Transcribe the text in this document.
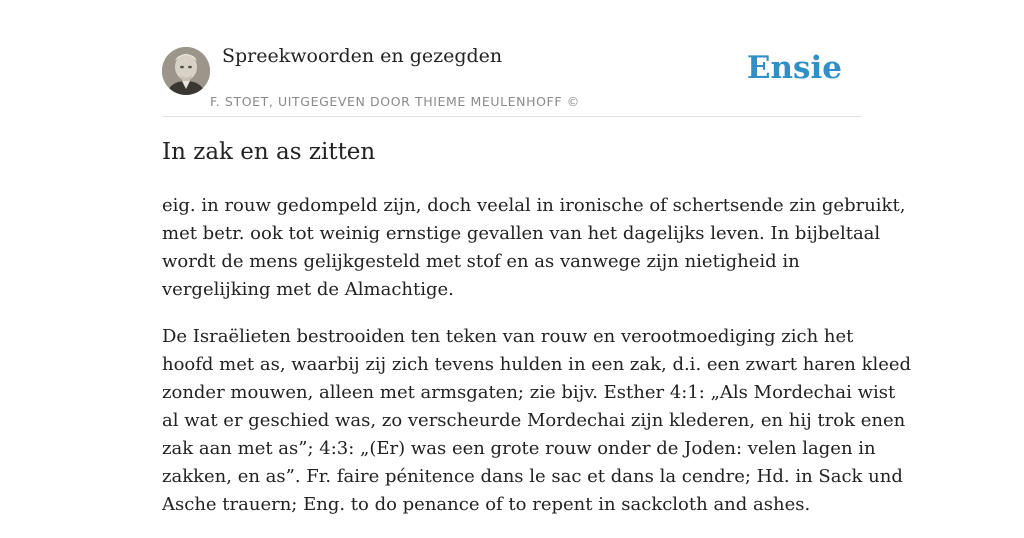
Spreekwoorden en gezegden
F. STOET, UITGEGEVEN DOOR THIEME MEULENHOFF ©
Ensie
In zak en as zitten

eig. in rouw gedompeld zijn, doch veelal in ironische of schertsende zin gebruikt,
met betr. ook tot weinig ernstige gevallen van het dagelijks leven. In bijbeltaal
wordt de mens gelijkgesteld met stof en as vanwege zijn nietigheid in
vergelijking met de Almachtige.

De Israëlieten bestrooiden ten teken van rouw en verootmoediging zich het
hoofd met as, waarbij zij zich tevens hulden in een zak, d.i. een zwart haren kleed
zonder mouwen, alleen met armsgaten; zie bijv. Esther 4:1: „Als Mordechai wist
al wat er geschied was, zo verscheurde Mordechai zijn klederen, en hij trok enen
zak aan met as”; 4:3: „(Er) was een grote rouw onder de Joden: velen lagen in
zakken, en as”. Fr. faire pénitence dans le sac et dans la cendre; Hd. in Sack und
Asche trauern; Eng. to do penance of to repent in sackcloth and ashes.
